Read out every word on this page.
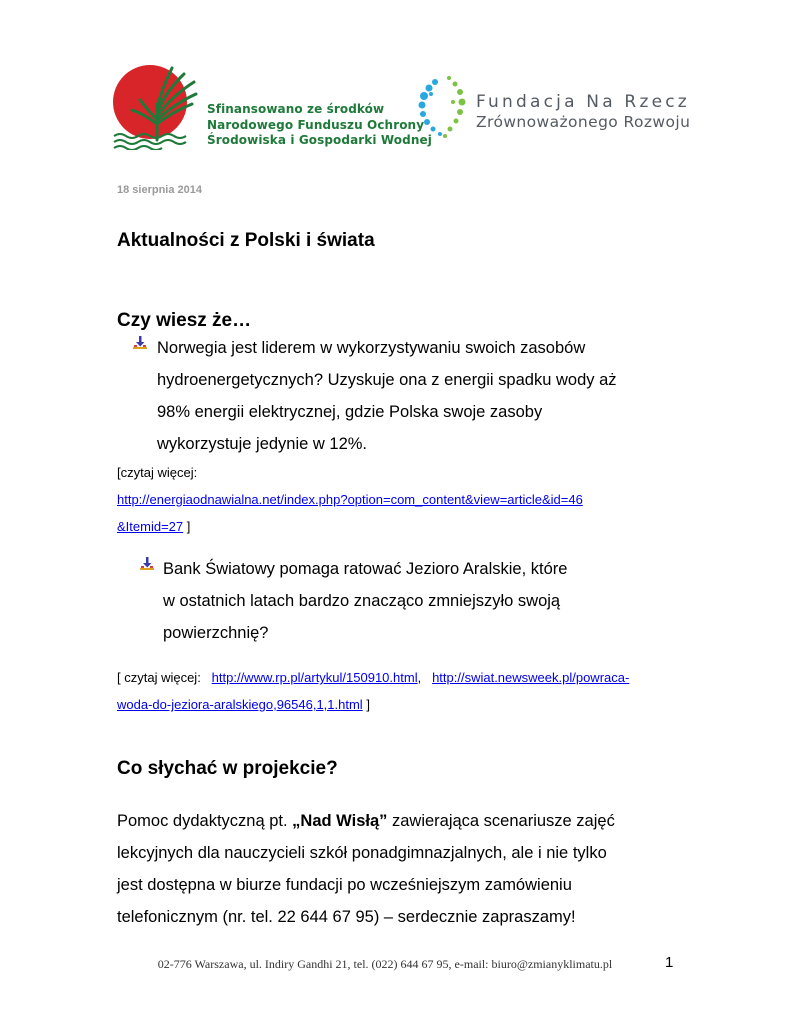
Sfinansowano ze środków
Narodowego Funduszu Ochrony
Środowiska i Gospodarki Wodnej
Fundacja Na Rzecz
Zrównoważonego Rozwoju
18 sierpnia 2014
Aktualności z Polski i świata
Czy wiesz że…
Norwegia jest liderem w wykorzystywaniu swoich zasobów
hydroenergetycznych? Uzyskuje ona z energii spadku wody aż
98% energii elektrycznej, gdzie Polska swoje zasoby
wykorzystuje jedynie w 12%.
[czytaj więcej:
http://energiaodnawialna.net/index.php?option=com_content&view=article&id=46
&Itemid=27 ]
Bank Światowy pomaga ratować Jezioro Aralskie, które
w ostatnich latach bardzo znacząco zmniejszyło swoją
powierzchnię?
[ czytaj więcej: http://www.rp.pl/artykul/150910.html, http://swiat.newsweek.pl/powraca-
woda-do-jeziora-aralskiego,96546,1,1.html ]
Co słychać w projekcie?
Pomoc dydaktyczną pt. „Nad Wisłą” zawierająca scenariusze zajęć
lekcyjnych dla nauczycieli szkół ponadgimnazjalnych, ale i nie tylko
jest dostępna w biurze fundacji po wcześniejszym zamówieniu
telefonicznym (nr. tel. 22 644 67 95) – serdecznie zapraszamy!
02-776 Warszawa, ul. Indiry Gandhi 21, tel. (022) 644 67 95, e-mail: biuro@zmianyklimatu.pl	1
